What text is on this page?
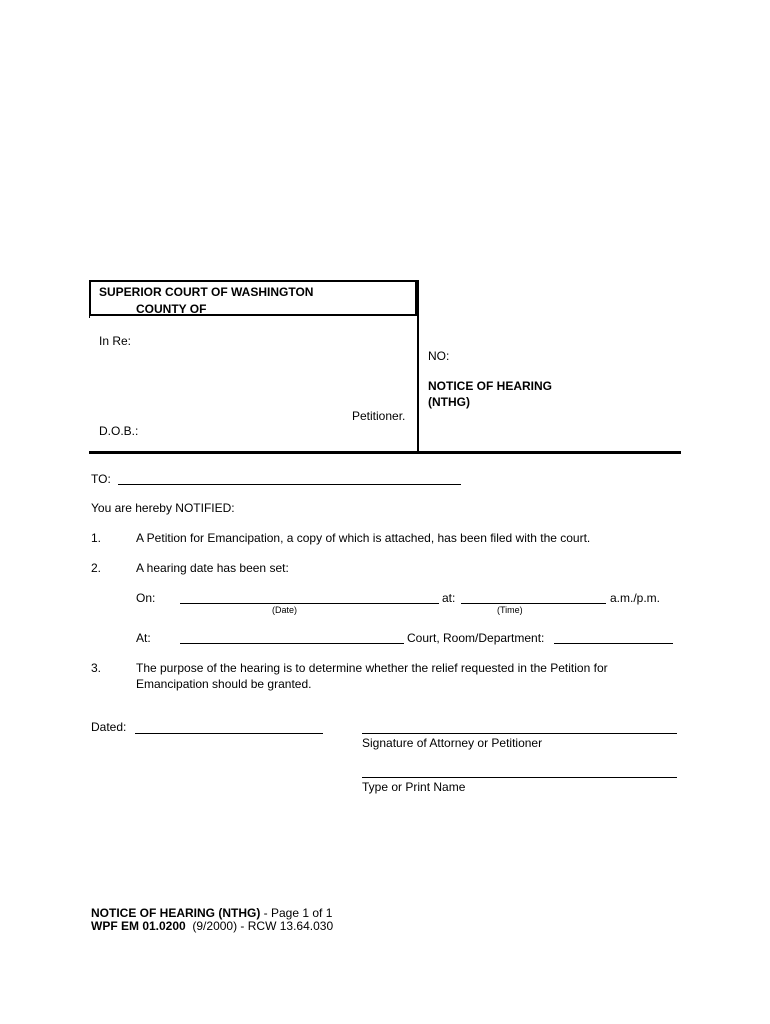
SUPERIOR COURT OF WASHINGTON
COUNTY OF
In Re:
Petitioner.
D.O.B.:
NO:
NOTICE OF HEARING
(NTHG)
TO:
You are hereby NOTIFIED:
1.	A Petition for Emancipation, a copy of which is attached, has been filed with the court.
2.	A hearing date has been set:
On:
(Date)
at:
(Time)
a.m./p.m.
At:	Court, Room/Department:
3.	The purpose of the hearing is to determine whether the relief requested in the Petition for
Emancipation should be granted.
Dated:
Signature of Attorney or Petitioner
Type or Print Name
NOTICE OF HEARING (NTHG) - Page 1 of 1
WPF EM 01.0200  (9/2000) - RCW 13.64.030
